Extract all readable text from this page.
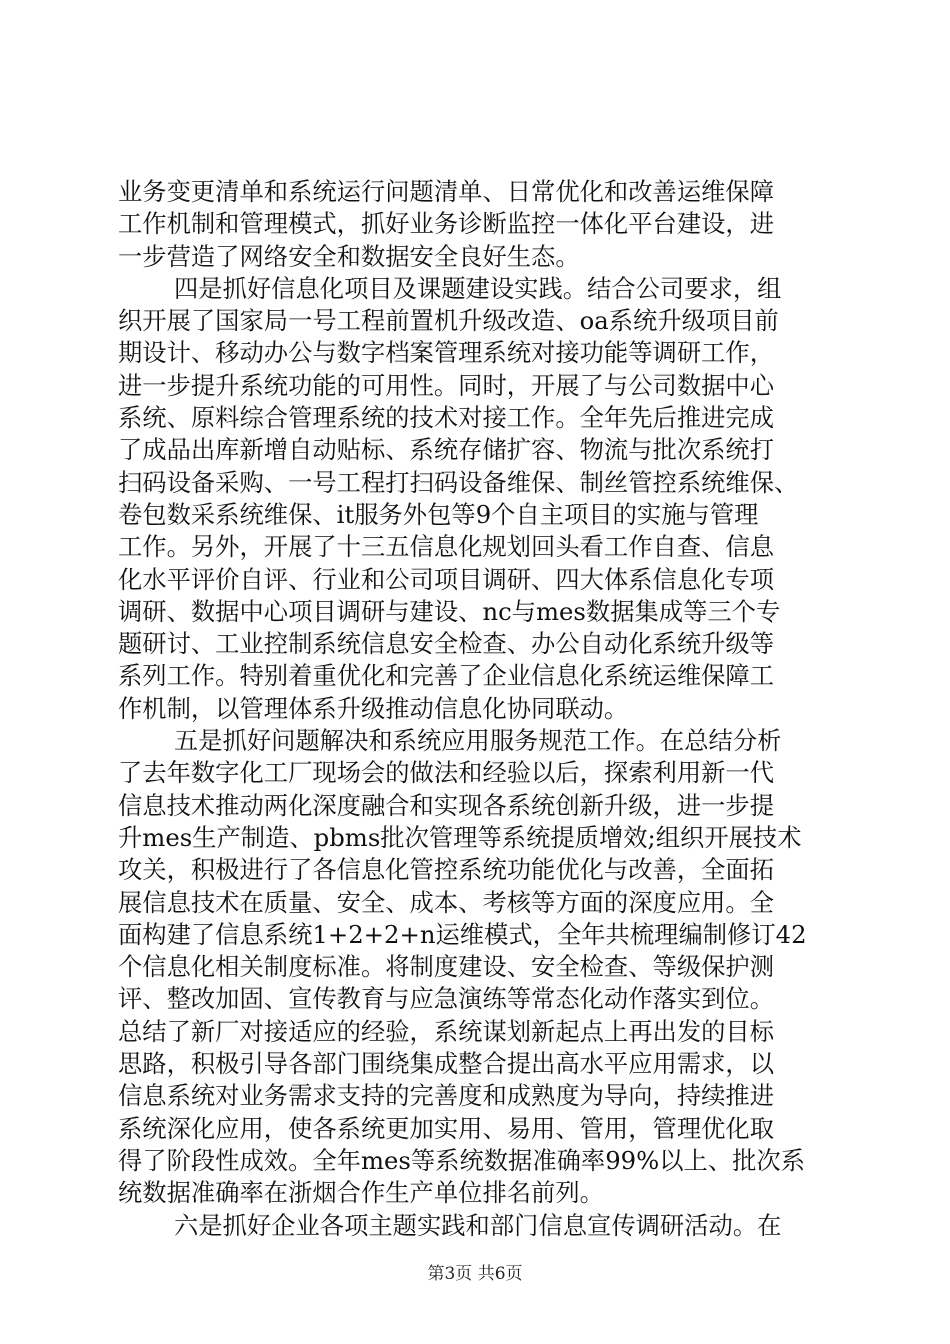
业务变更清单和系统运行问题清单、日常优化和改善运维保障
工作机制和管理模式，抓好业务诊断监控一体化平台建设，进
一步营造了网络安全和数据安全良好生态。
四是抓好信息化项目及课题建设实践。结合公司要求，组
织开展了国家局一号工程前置机升级改造、oa系统升级项目前
期设计、移动办公与数字档案管理系统对接功能等调研工作，
进一步提升系统功能的可用性。同时，开展了与公司数据中心
系统、原料综合管理系统的技术对接工作。全年先后推进完成
了成品出库新增自动贴标、系统存储扩容、物流与批次系统打
扫码设备采购、一号工程打扫码设备维保、制丝管控系统维保、
卷包数采系统维保、it服务外包等9个自主项目的实施与管理
工作。另外，开展了十三五信息化规划回头看工作自查、信息
化水平评价自评、行业和公司项目调研、四大体系信息化专项
调研、数据中心项目调研与建设、nc与mes数据集成等三个专
题研讨、工业控制系统信息安全检查、办公自动化系统升级等
系列工作。特别着重优化和完善了企业信息化系统运维保障工
作机制，以管理体系升级推动信息化协同联动。
五是抓好问题解决和系统应用服务规范工作。在总结分析
了去年数字化工厂现场会的做法和经验以后，探索利用新一代
信息技术推动两化深度融合和实现各系统创新升级，进一步提
升mes生产制造、pbms批次管理等系统提质增效;组织开展技术
攻关，积极进行了各信息化管控系统功能优化与改善，全面拓
展信息技术在质量、安全、成本、考核等方面的深度应用。全
面构建了信息系统1+2+2+n运维模式，全年共梳理编制修订42
个信息化相关制度标准。将制度建设、安全检查、等级保护测
评、整改加固、宣传教育与应急演练等常态化动作落实到位。
总结了新厂对接适应的经验，系统谋划新起点上再出发的目标
思路，积极引导各部门围绕集成整合提出高水平应用需求，以
信息系统对业务需求支持的完善度和成熟度为导向，持续推进
系统深化应用，使各系统更加实用、易用、管用，管理优化取
得了阶段性成效。全年mes等系统数据准确率99%以上、批次系
统数据准确率在浙烟合作生产单位排名前列。
六是抓好企业各项主题实践和部门信息宣传调研活动。在
第3页 共6页
